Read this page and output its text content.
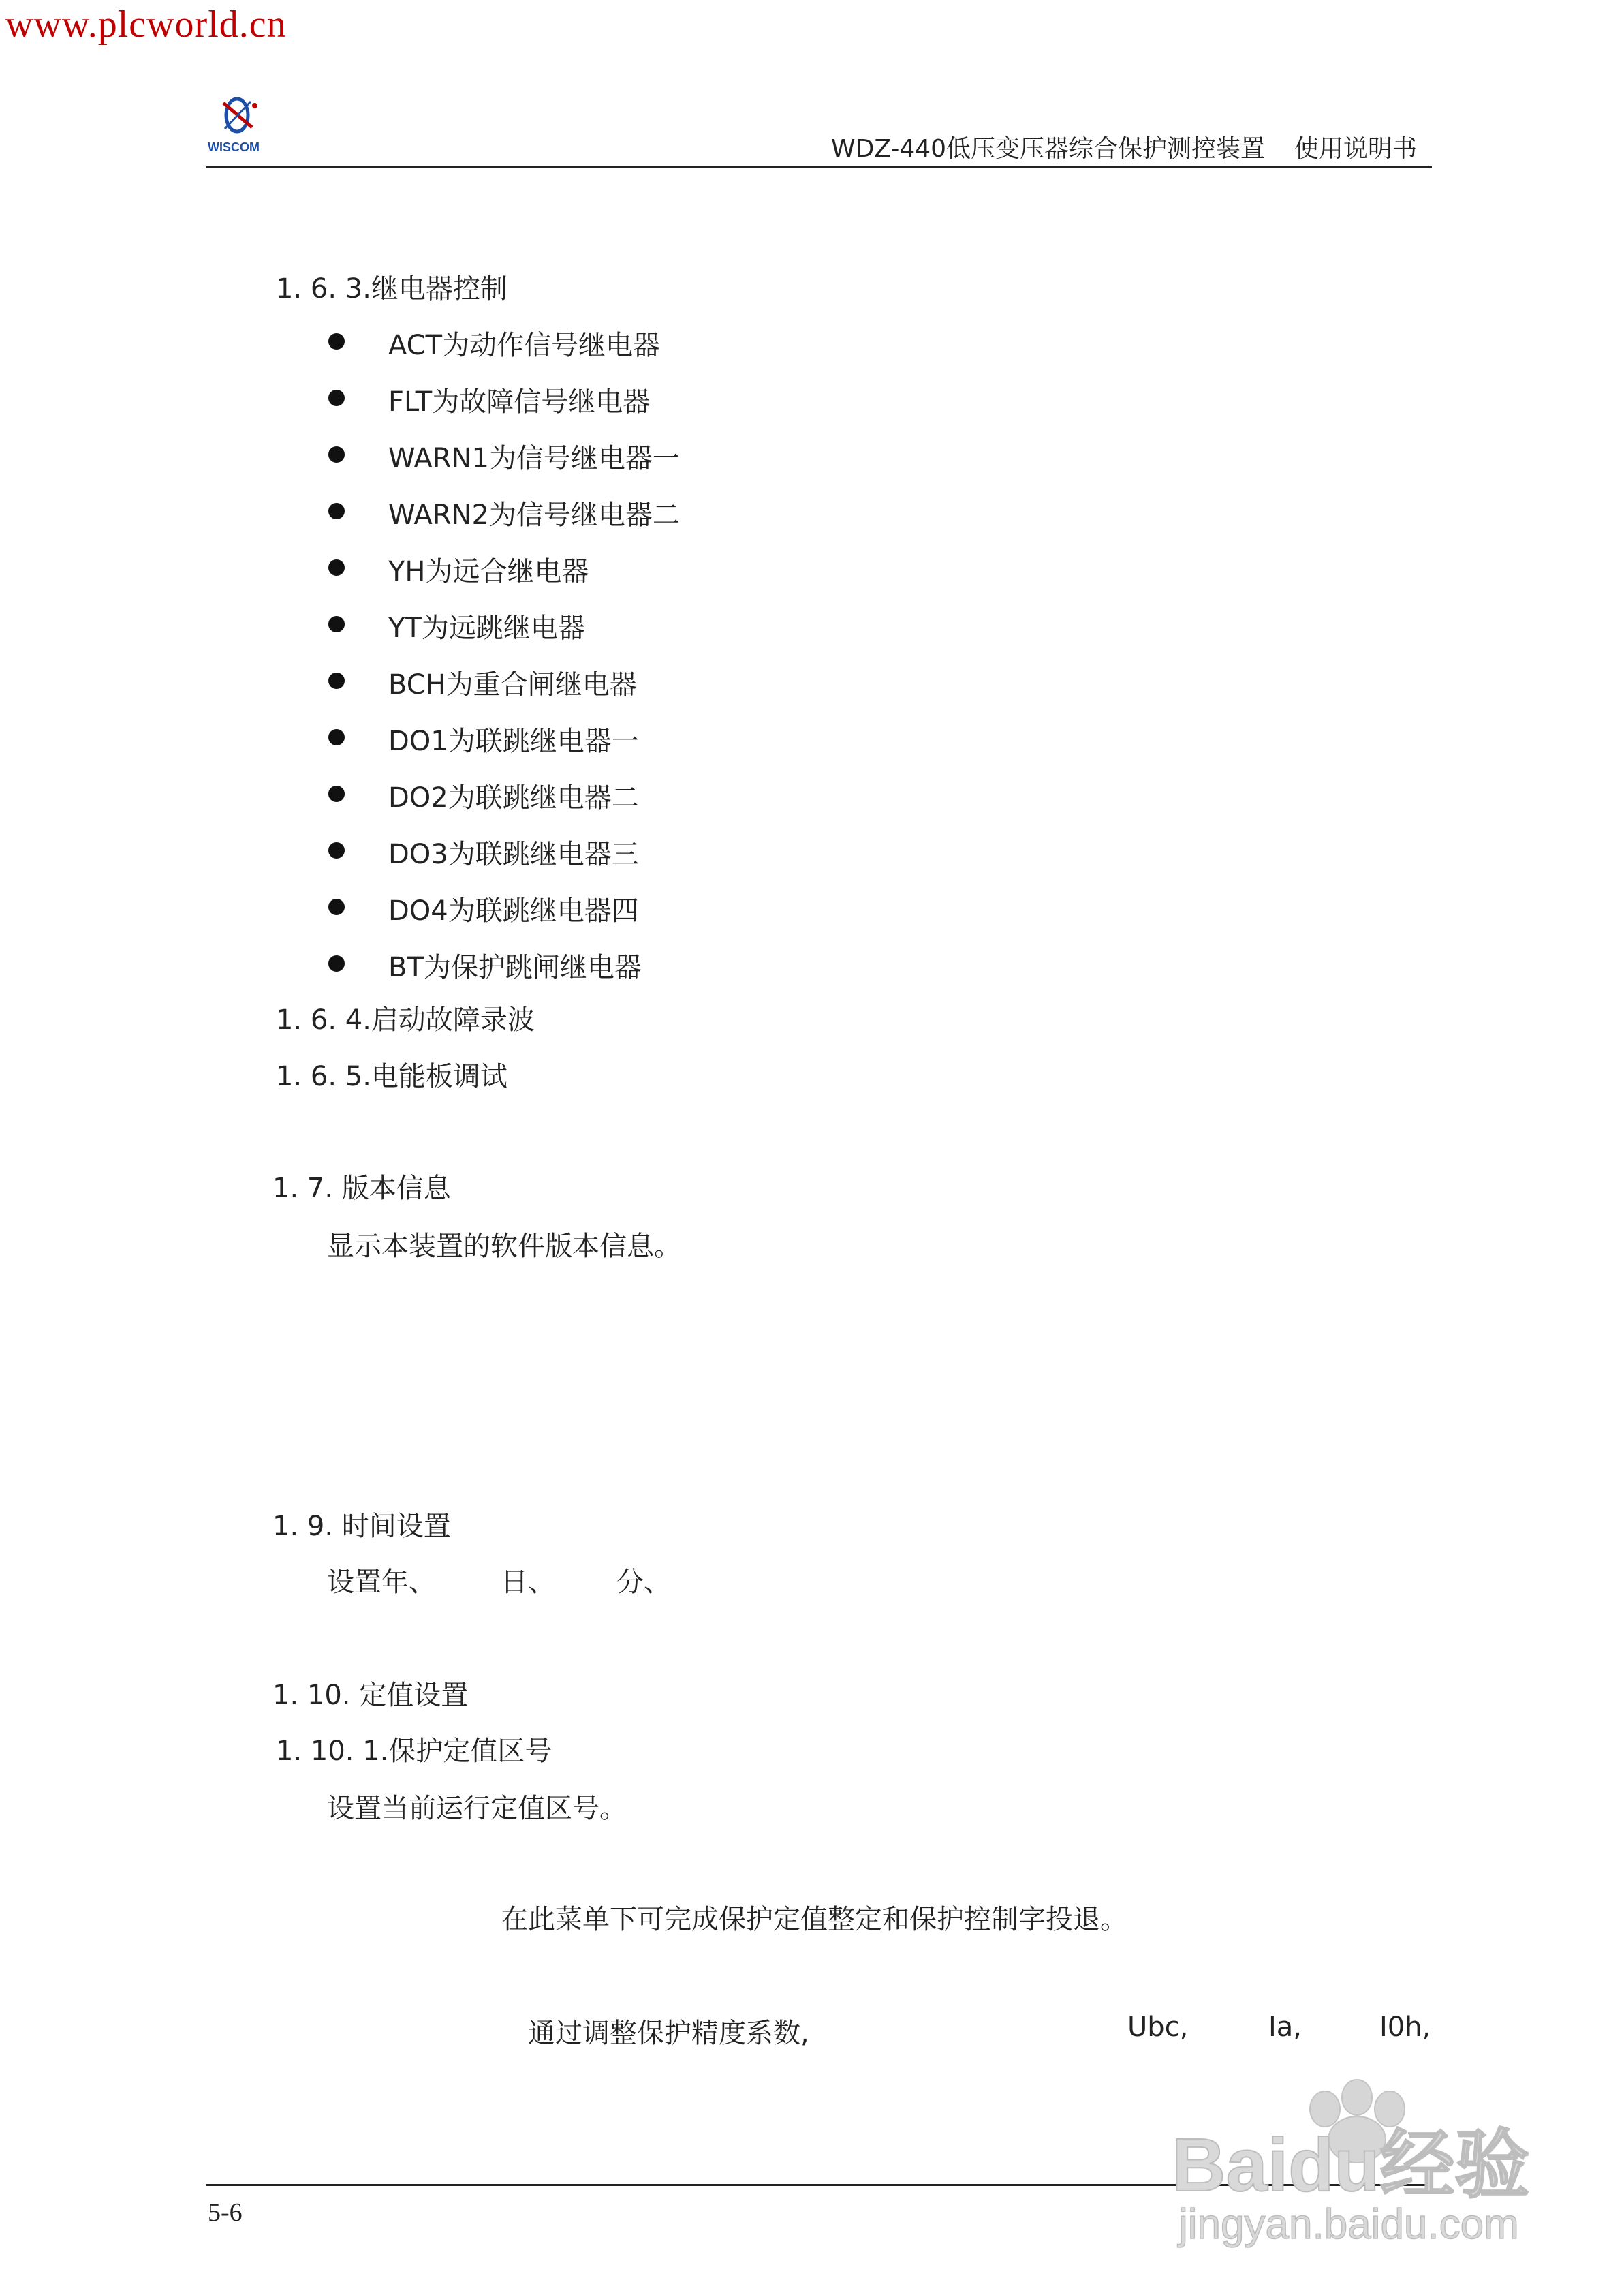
www.plcworld.cn
WISCOM	WDZ-440低压变压器综合保护测控装置 使用说明书
1. 6. 3.继电器控制
ACT为动作信号继电器
FLT为故障信号继电器
WARN1为信号继电器一
WARN2为信号继电器二
YH为远合继电器
YT为远跳继电器
BCH为重合闸继电器
DO1为联跳继电器一
DO2为联跳继电器二
DO3为联跳继电器三
DO4为联跳继电器四
BT为保护跳闸继电器
1. 6. 4.启动故障录波
1. 6. 5.电能板调试
1. 7. 版本信息
显示本装置的软件版本信息。
1. 9. 时间设置
设置年、 日、 分、
1. 10. 定值设置
1. 10. 1.保护定值区号
设置当前运行定值区号。
在此菜单下可完成保护定值整定和保护控制字投退。
通过调整保护精度系数,	Ubc,	Ia,	I0h,
5-6
Baidu经验
jingyan.baidu.com
